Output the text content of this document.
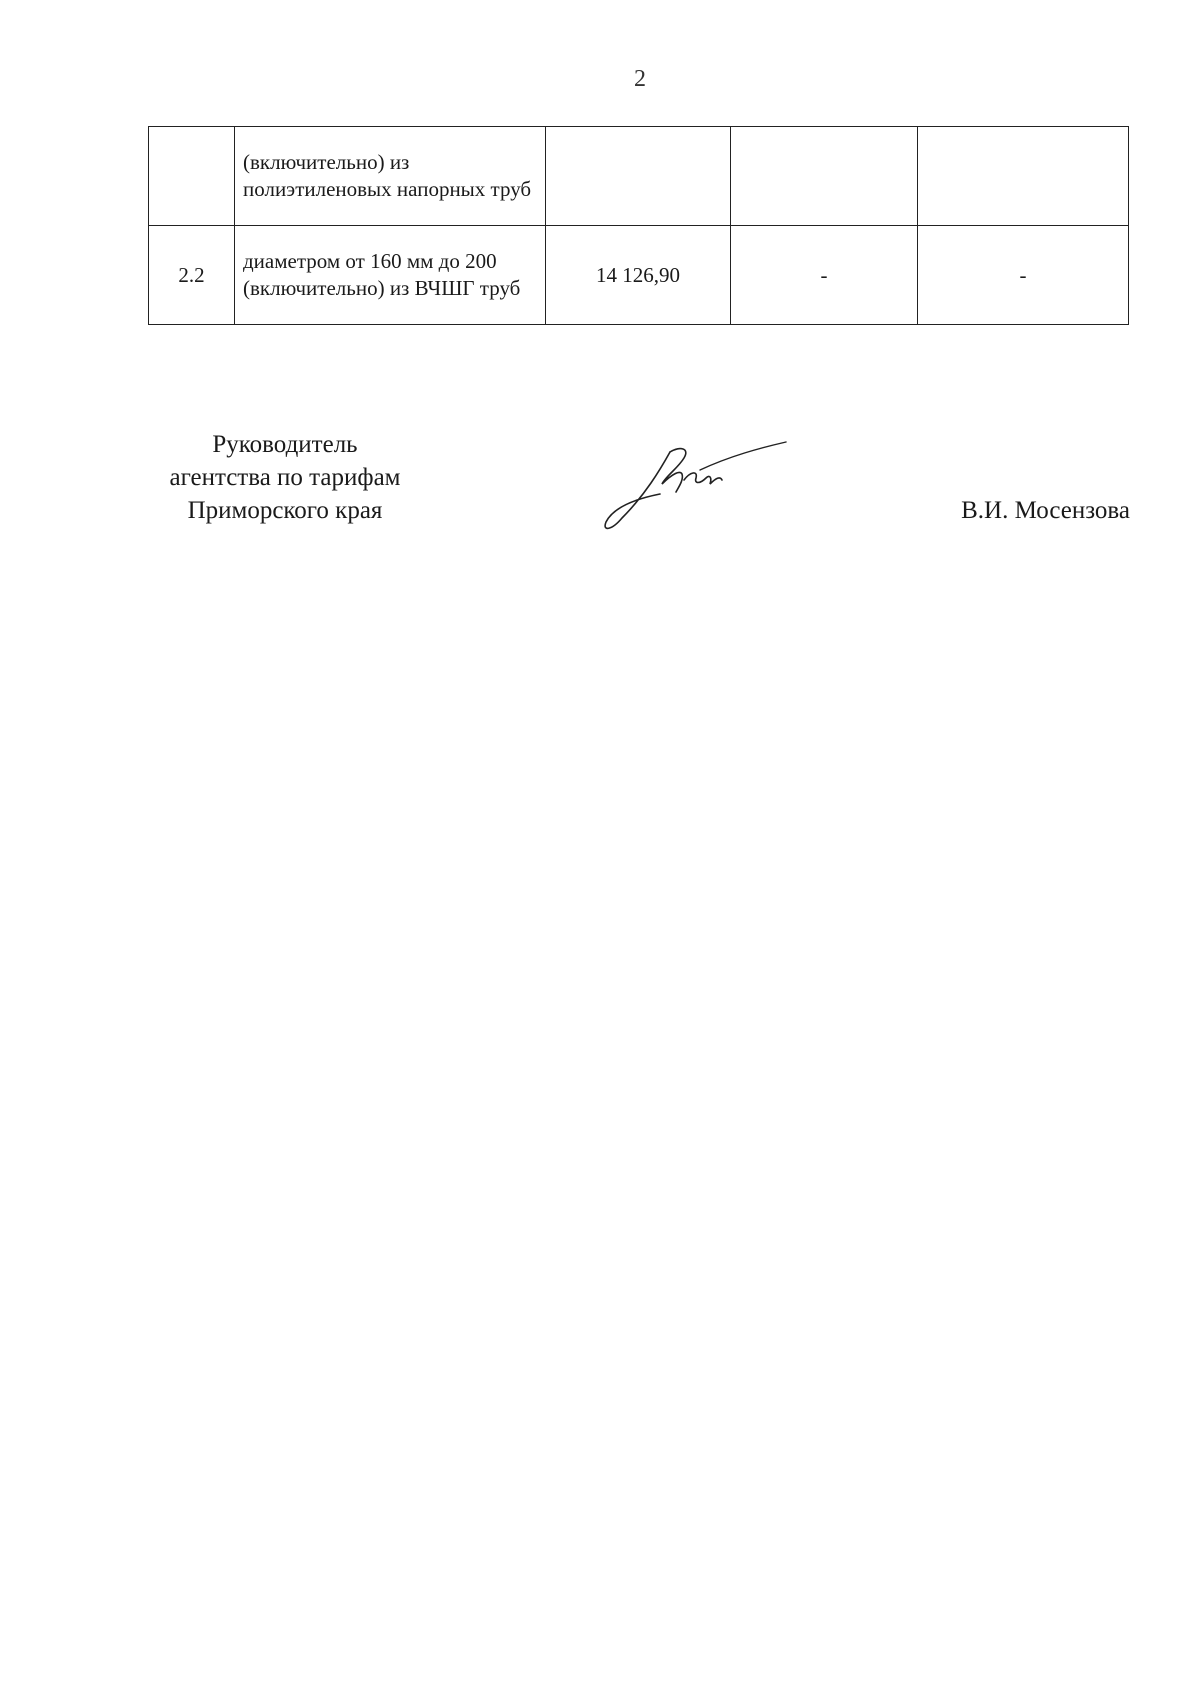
2
	(включительно) из полиэтиленовых напорных труб			
2.2	диаметром от 160 мм до 200 (включительно) из ВЧШГ труб	14 126,90	-	-
Руководитель
агентства по тарифам
Приморского края	В.И. Мосензова
